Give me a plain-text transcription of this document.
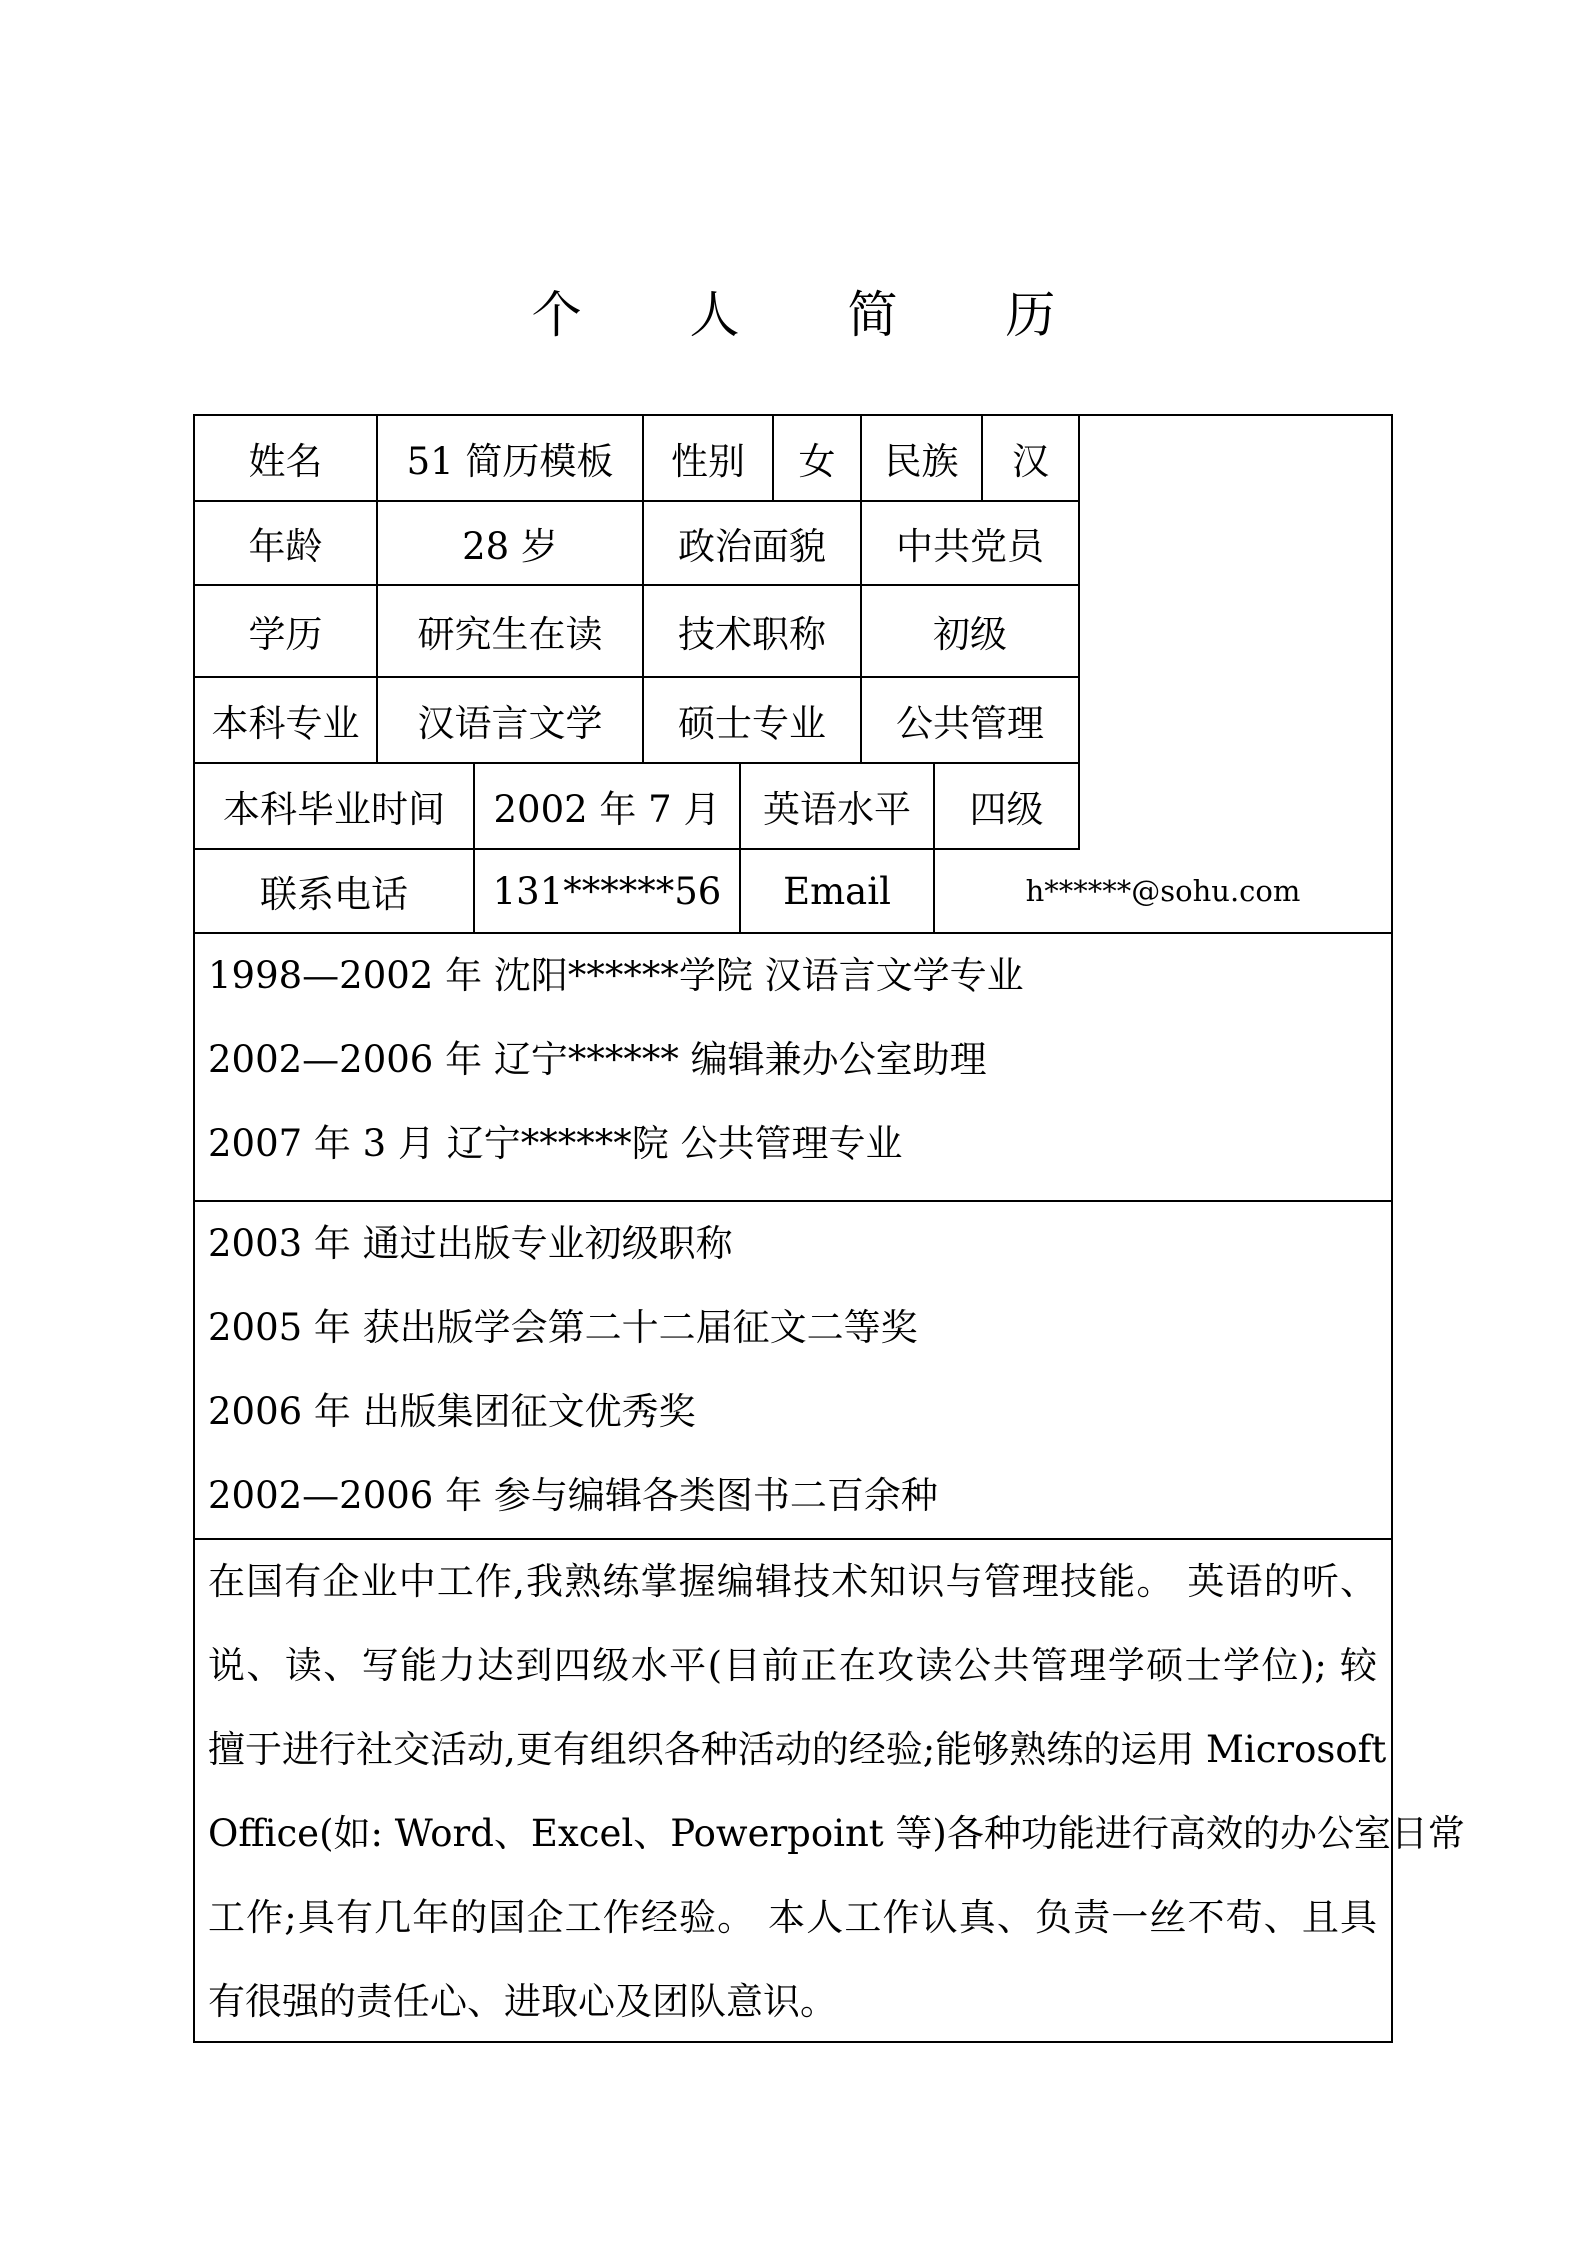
个 人 简 历
姓名	51 简历模板	性别	女	民族	汉
年龄	28 岁	政治面貌	中共党员
学历	研究生在读	技术职称	初级
本科专业	汉语言文学	硕士专业	公共管理
本科毕业时间	2002 年 7 月	英语水平	四级
联系电话	131******56	Email	h******@sohu.com
1998—2002 年 沈阳******学院 汉语言文学专业
2002—2006 年 辽宁****** 编辑兼办公室助理
2007 年 3 月 辽宁******院 公共管理专业
2003 年 通过出版专业初级职称
2005 年 获出版学会第二十二届征文二等奖
2006 年 出版集团征文优秀奖
2002—2006 年 参与编辑各类图书二百余种
在国有企业中工作,我熟练掌握编辑技术知识与管理技能。 英语的听、
说、读、写能力达到四级水平(目前正在攻读公共管理学硕士学位); 较
擅于进行社交活动,更有组织各种活动的经验;能够熟练的运用 Microsoft
Office(如: Word、Excel、Powerpoint 等)各种功能进行高效的办公室日常
工作;具有几年的国企工作经验。 本人工作认真、负责一丝不苟、且具
有很强的责任心、进取心及团队意识。
